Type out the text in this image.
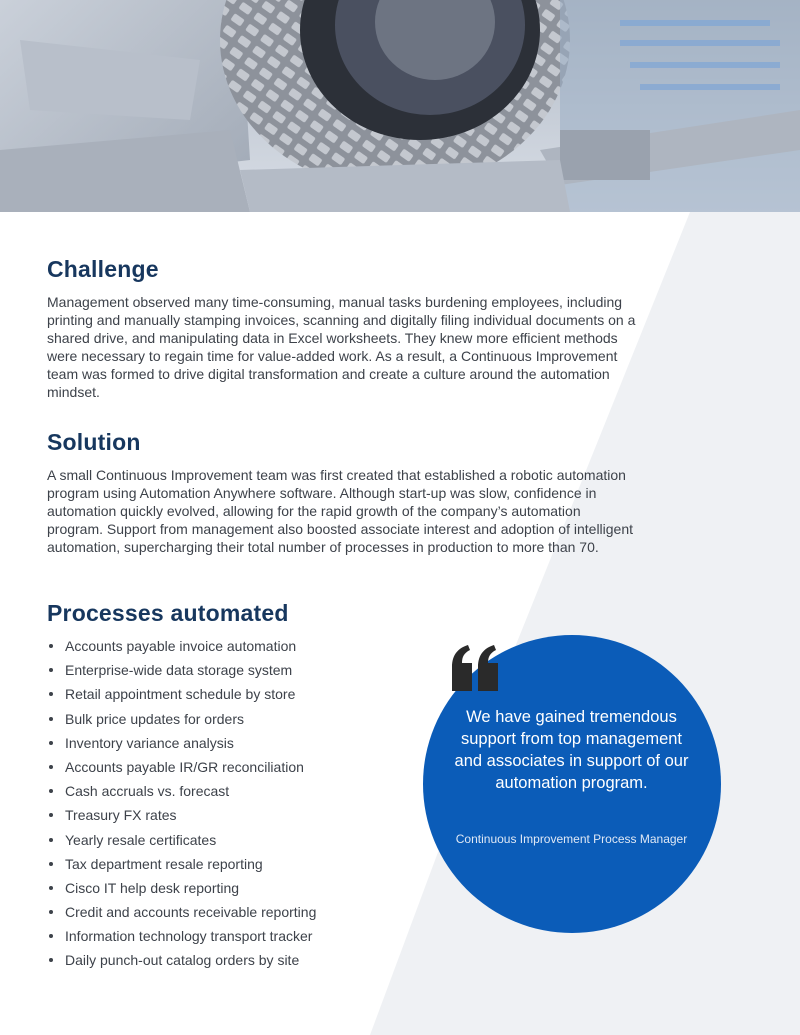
Challenge

Management observed many time-consuming, manual tasks burdening employees, including printing and manually stamping invoices, scanning and digitally filing individual documents on a shared drive, and manipulating data in Excel worksheets. They knew more efficient methods were necessary to regain time for value-added work. As a result, a Continuous Improvement team was formed to drive digital transformation and create a culture around the automation mindset.

Solution

A small Continuous Improvement team was first created that established a robotic automation program using Automation Anywhere software. Although start-up was slow, confidence in automation quickly evolved, allowing for the rapid growth of the company’s automation program. Support from management also boosted associate interest and adoption of intelligent automation, supercharging their total number of processes in production to more than 70.

Processes automated
Accounts payable invoice automation
Enterprise-wide data storage system
Retail appointment schedule by store
Bulk price updates for orders
Inventory variance analysis
Accounts payable IR/GR reconciliation
Cash accruals vs. forecast
Treasury FX rates
Yearly resale certificates
Tax department resale reporting
Cisco IT help desk reporting
Credit and accounts receivable reporting
Information technology transport tracker
Daily punch-out catalog orders by site
We have gained tremendous support from top management and associates in support of our automation program.
Continuous Improvement Process Manager
